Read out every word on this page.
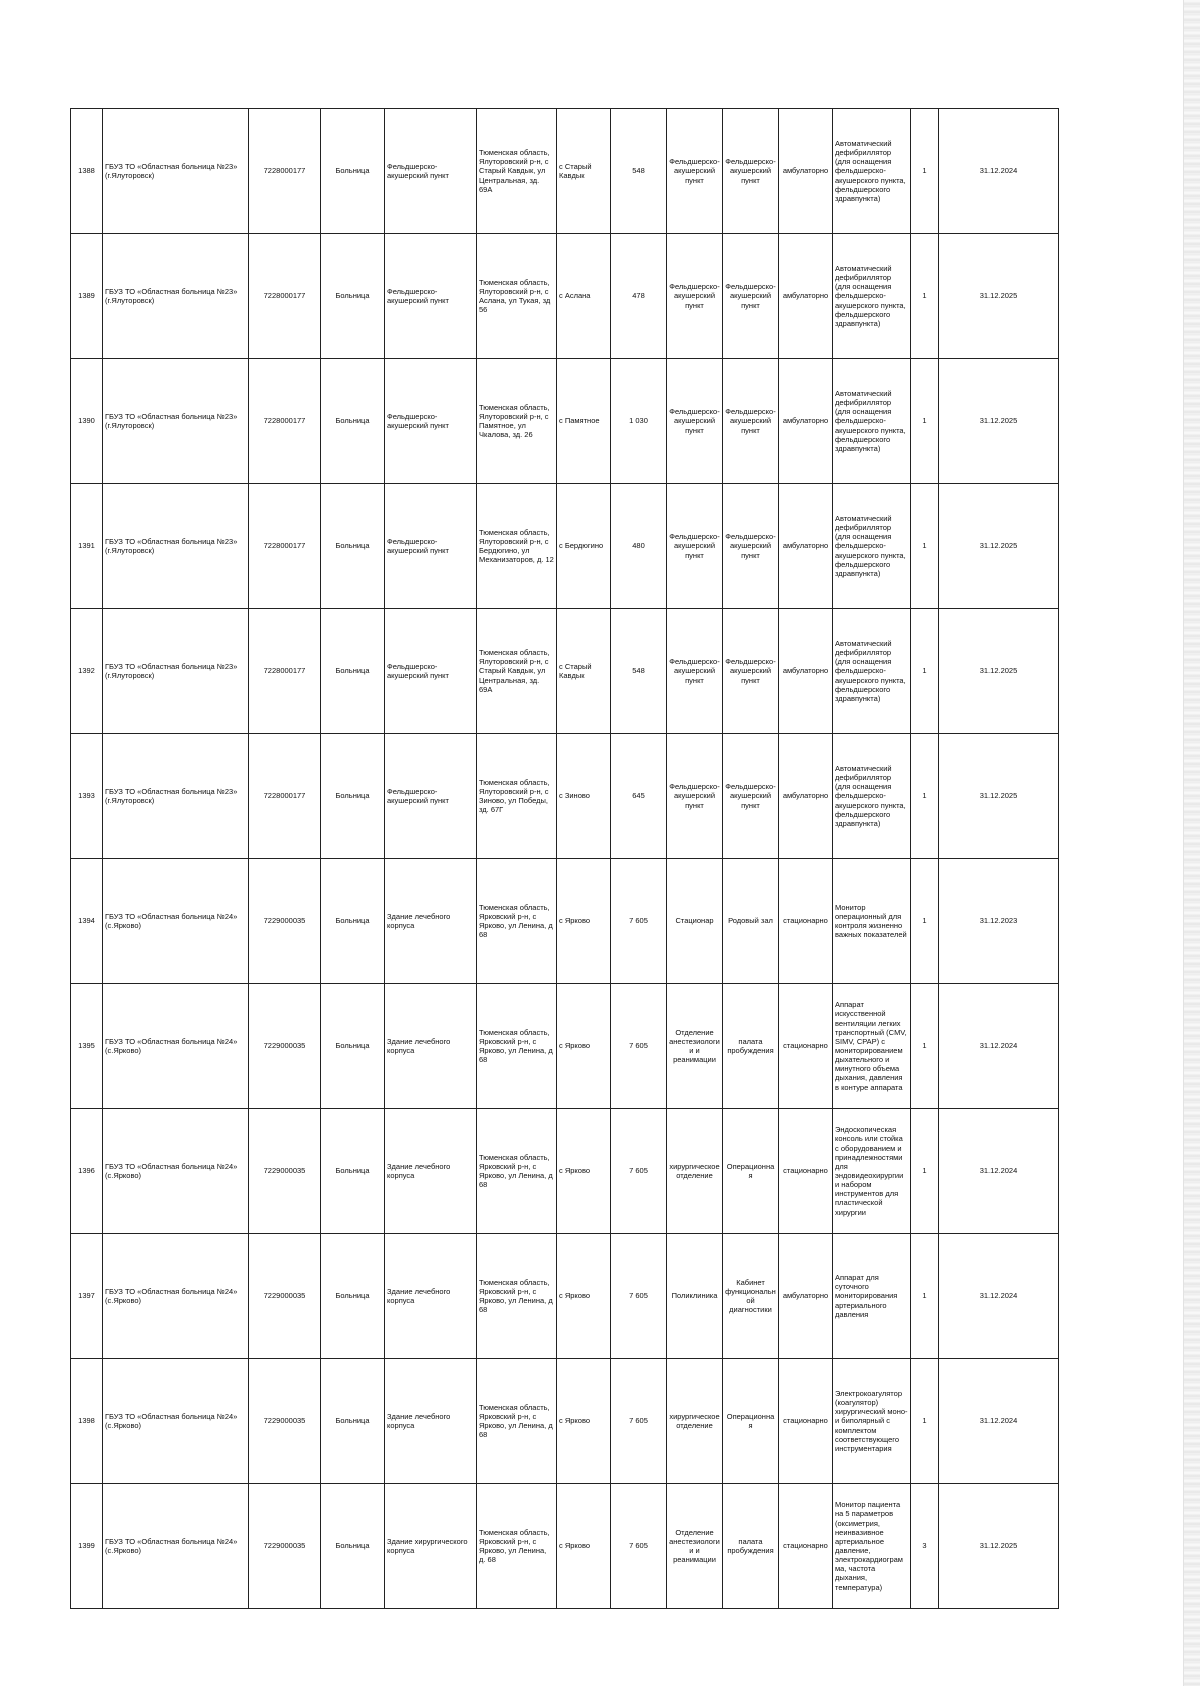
1388	ГБУЗ ТО «Областная больница №23» (г.Ялуторовск)	7228000177	Больница	Фельдшерско-акушерский пункт	Тюменская область, Ялуторовский р-н, с Старый Кавдык, ул Центральная, зд. 69А	с Старый Кавдык	548	Фельдшерско-акушерский пункт	Фельдшерско-акушерский пункт	амбулаторно	Автоматический дефибриллятор (для оснащения фельдшерско-акушерского пункта, фельдшерского здравпункта)	1	31.12.2024
1389	ГБУЗ ТО «Областная больница №23» (г.Ялуторовск)	7228000177	Больница	Фельдшерско-акушерский пункт	Тюменская область, Ялуторовский р-н, с Аслана, ул Тукая, зд 56	с Аслана	478	Фельдшерско-акушерский пункт	Фельдшерско-акушерский пункт	амбулаторно	Автоматический дефибриллятор (для оснащения фельдшерско-акушерского пункта, фельдшерского здравпункта)	1	31.12.2025
1390	ГБУЗ ТО «Областная больница №23» (г.Ялуторовск)	7228000177	Больница	Фельдшерско-акушерский пункт	Тюменская область, Ялуторовский р-н, с Памятное, ул Чкалова, зд. 26	с Памятное	1 030	Фельдшерско-акушерский пункт	Фельдшерско-акушерский пункт	амбулаторно	Автоматический дефибриллятор (для оснащения фельдшерско-акушерского пункта, фельдшерского здравпункта)	1	31.12.2025
1391	ГБУЗ ТО «Областная больница №23» (г.Ялуторовск)	7228000177	Больница	Фельдшерско-акушерский пункт	Тюменская область, Ялуторовский р-н, с Бердюгино, ул Механизаторов, д. 12	с Бердюгино	480	Фельдшерско-акушерский пункт	Фельдшерско-акушерский пункт	амбулаторно	Автоматический дефибриллятор (для оснащения фельдшерско-акушерского пункта, фельдшерского здравпункта)	1	31.12.2025
1392	ГБУЗ ТО «Областная больница №23» (г.Ялуторовск)	7228000177	Больница	Фельдшерско-акушерский пункт	Тюменская область, Ялуторовский р-н, с Старый Кавдык, ул Центральная, зд. 69А	с Старый Кавдык	548	Фельдшерско-акушерский пункт	Фельдшерско-акушерский пункт	амбулаторно	Автоматический дефибриллятор (для оснащения фельдшерско-акушерского пункта, фельдшерского здравпункта)	1	31.12.2025
1393	ГБУЗ ТО «Областная больница №23» (г.Ялуторовск)	7228000177	Больница	Фельдшерско-акушерский пункт	Тюменская область, Ялуторовский р-н, с Зиново, ул Победы, зд. 67Г	с Зиново	645	Фельдшерско-акушерский пункт	Фельдшерско-акушерский пункт	амбулаторно	Автоматический дефибриллятор (для оснащения фельдшерско-акушерского пункта, фельдшерского здравпункта)	1	31.12.2025
1394	ГБУЗ ТО «Областная больница №24» (с.Ярково)	7229000035	Больница	Здание лечебного корпуса	Тюменская область, Ярковский р-н, с Ярково, ул Ленина, д 68	с Ярково	7 605	Стационар	Родовый зал	стационарно	Монитор операционный для контроля жизненно важных показателей	1	31.12.2023
1395	ГБУЗ ТО «Областная больница №24» (с.Ярково)	7229000035	Больница	Здание лечебного корпуса	Тюменская область, Ярковский р-н, с Ярково, ул Ленина, д 68	с Ярково	7 605	Отделение анестезиологии и реанимации	палата пробуждения	стационарно	Аппарат искусственной вентиляции легких транспортный (CMV, SIMV, CPAP) с мониторированием дыхательного и минутного объема дыхания, давления в контуре аппарата	1	31.12.2024
1396	ГБУЗ ТО «Областная больница №24» (с.Ярково)	7229000035	Больница	Здание лечебного корпуса	Тюменская область, Ярковский р-н, с Ярково, ул Ленина, д 68	с Ярково	7 605	хирургическое отделение	Операционная	стационарно	Эндоскопическая консоль или стойка с оборудованием и принадлежностями для эндовидеохирургии и набором инструментов для пластической хирургии	1	31.12.2024
1397	ГБУЗ ТО «Областная больница №24» (с.Ярково)	7229000035	Больница	Здание лечебного корпуса	Тюменская область, Ярковский р-н, с Ярково, ул Ленина, д 68	с Ярково	7 605	Поликлиника	Кабинет функциональной диагностики	амбулаторно	Аппарат для суточного мониторирования артериального давления	1	31.12.2024
1398	ГБУЗ ТО «Областная больница №24» (с.Ярково)	7229000035	Больница	Здание лечебного корпуса	Тюменская область, Ярковский р-н, с Ярково, ул Ленина, д 68	с Ярково	7 605	хирургическое отделение	Операционная	стационарно	Электрокоагулятор (коагулятор) хирургический моно- и биполярный с комплектом соответствующего инструментария	1	31.12.2024
1399	ГБУЗ ТО «Областная больница №24» (с.Ярково)	7229000035	Больница	Здание хирургического корпуса	Тюменская область, Ярковский р-н, с Ярково, ул Ленина, д. 68	с Ярково	7 605	Отделение анестезиологии и реанимации	палата пробуждения	стационарно	Монитор пациента на 5 параметров (оксиметрия, неинвазивное артериальное давление, электрокардиограмма, частота дыхания, температура)	3	31.12.2025
